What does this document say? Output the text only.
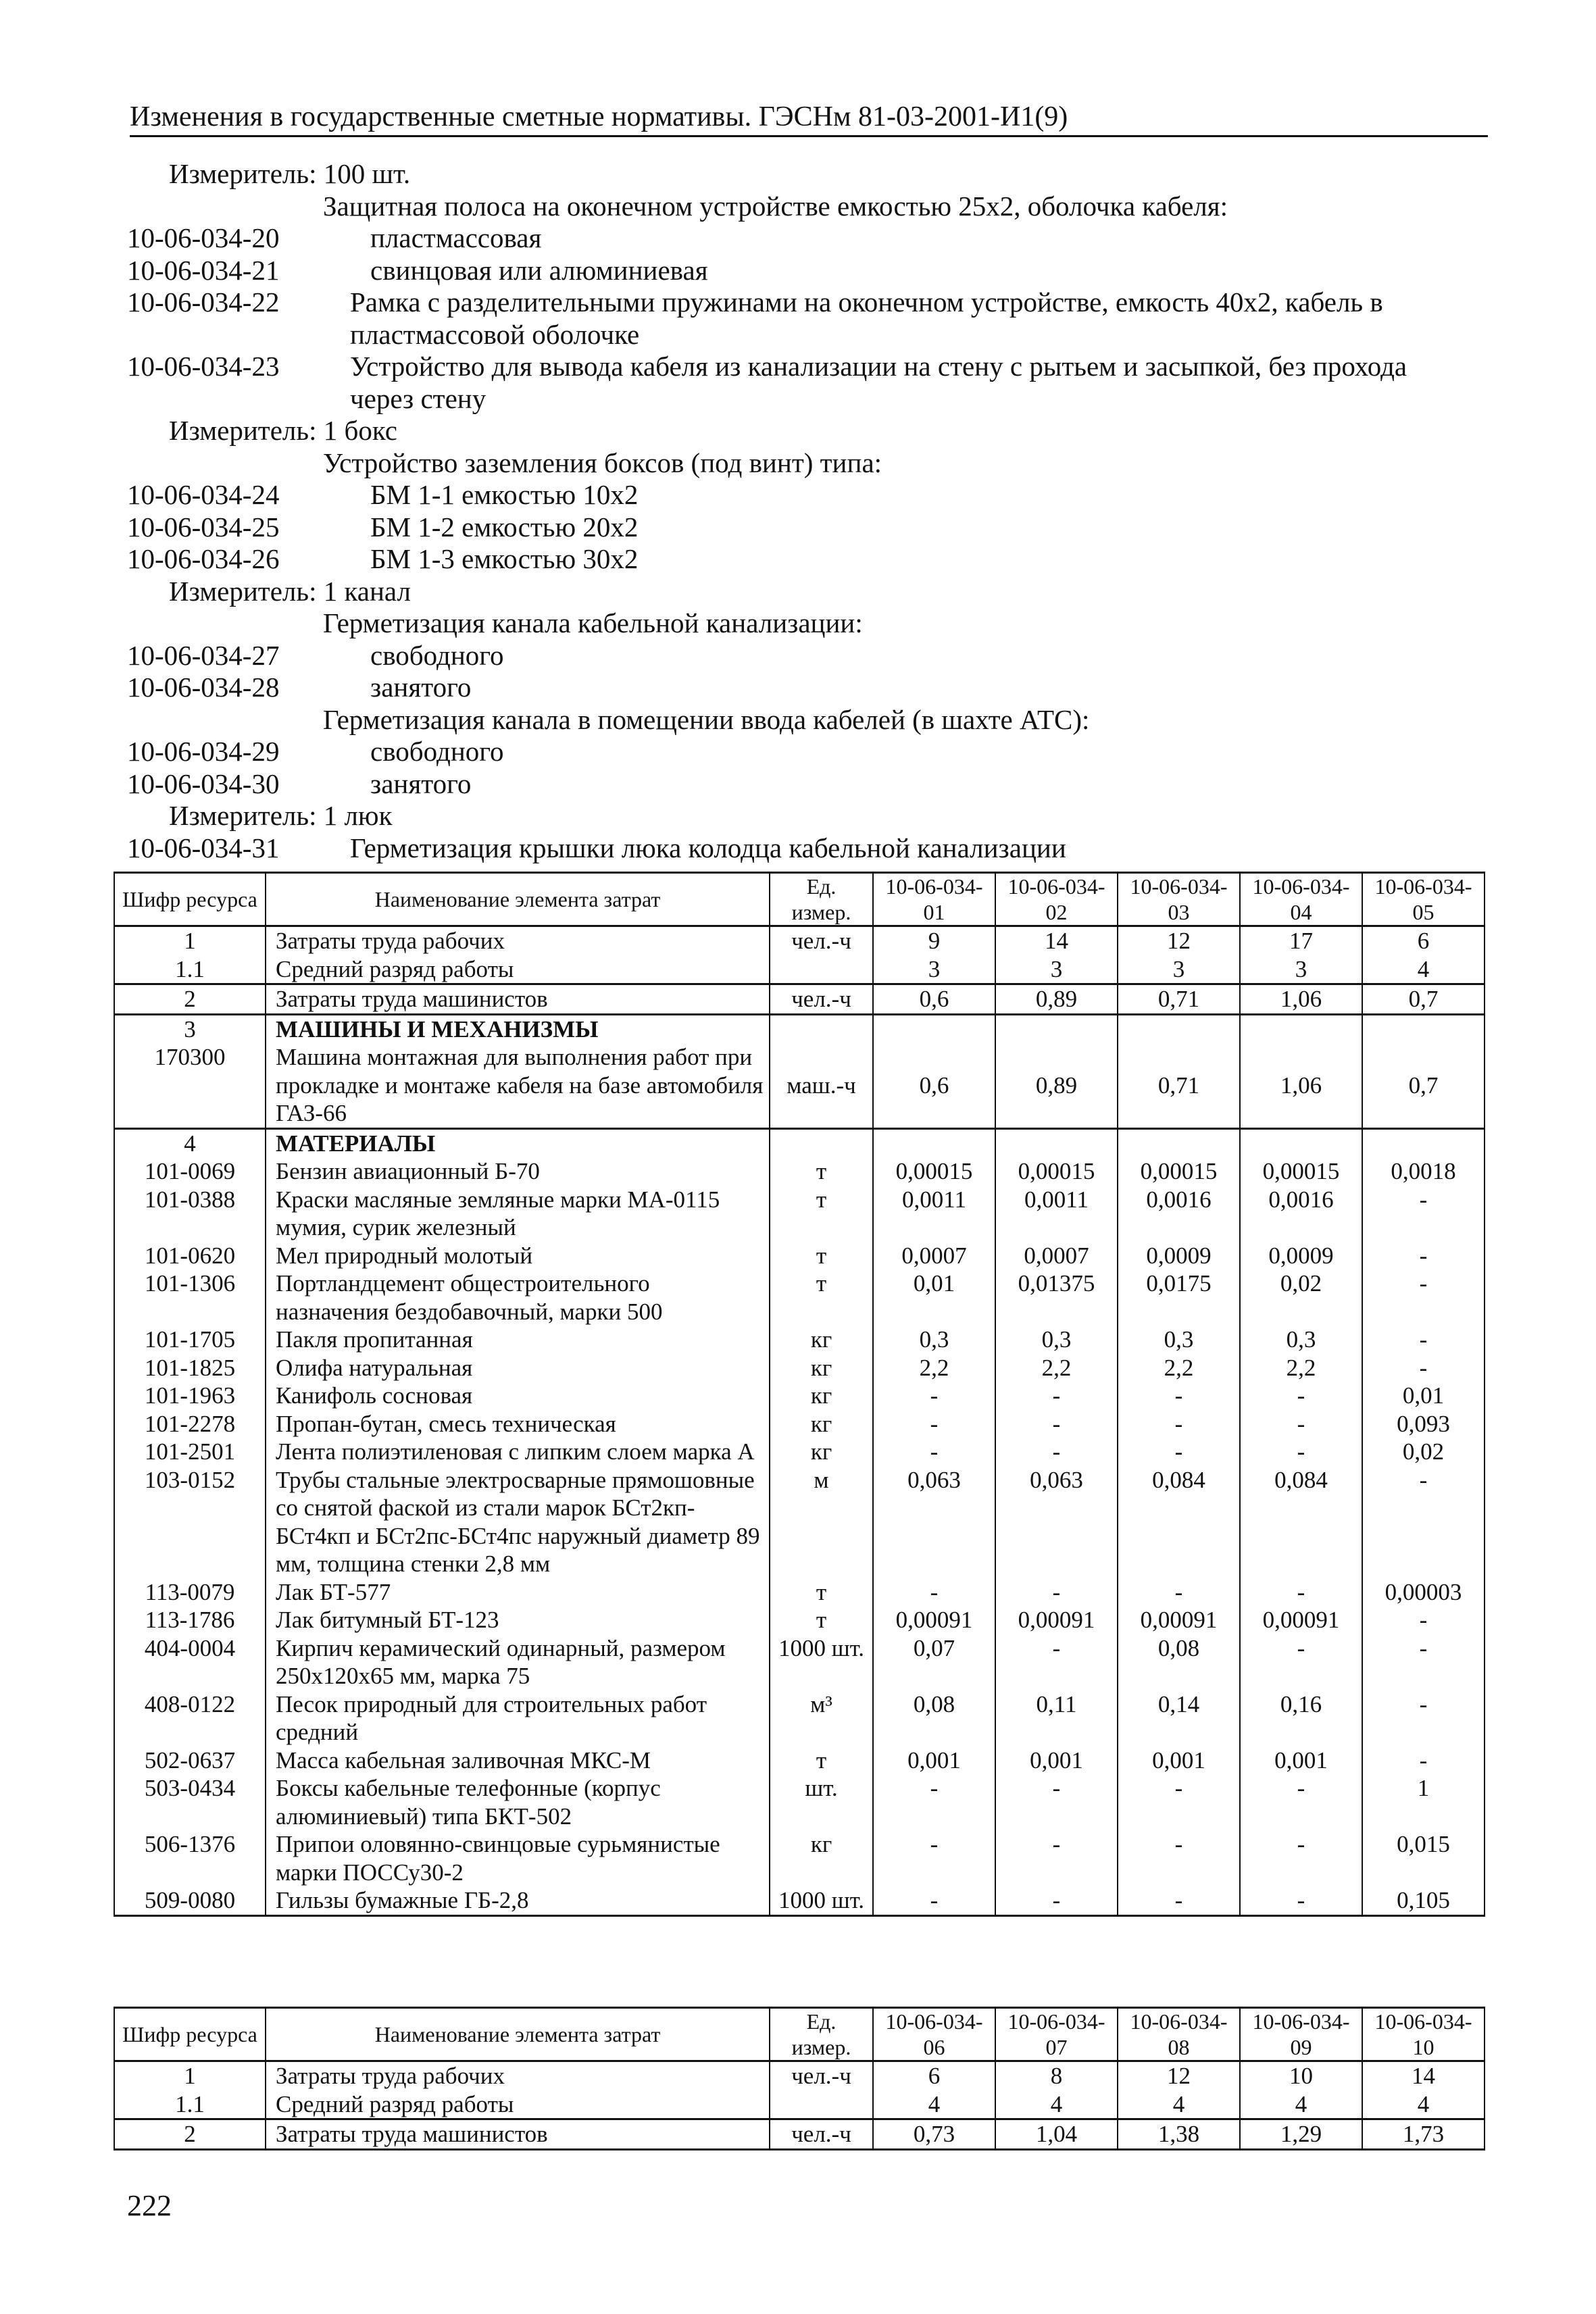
Изменения в государственные сметные нормативы. ГЭСНм 81-03-2001-И1(9)
Измеритель: 100 шт.
Защитная полоса на оконечном устройстве емкостью 25х2, оболочка кабеля:
10-06-034-20	пластмассовая
10-06-034-21	свинцовая или алюминиевая
10-06-034-22	Рамка с разделительными пружинами на оконечном устройстве, емкость 40х2, кабель в
пластмассовой оболочке
10-06-034-23	Устройство для вывода кабеля из канализации на стену с рытьем и засыпкой, без прохода
через стену
Измеритель: 1 бокс
Устройство заземления боксов (под винт) типа:
10-06-034-24	БМ 1-1 емкостью 10х2
10-06-034-25	БМ 1-2 емкостью 20х2
10-06-034-26	БМ 1-3 емкостью 30х2
Измеритель: 1 канал
Герметизация канала кабельной канализации:
10-06-034-27	свободного
10-06-034-28	занятого
Герметизация канала в помещении ввода кабелей (в шахте АТС):
10-06-034-29	свободного
10-06-034-30	занятого
Измеритель: 1 люк
10-06-034-31	Герметизация крышки люка колодца кабельной канализации
Шифр ресурса	Наименование элемента затрат	Ед. измер.	10-06-034-01	10-06-034-02	10-06-034-03	10-06-034-04	10-06-034-05
1	Затраты труда рабочих	чел.-ч	9	14	12	17	6
1.1	Средний разряд работы		3	3	3	3	4
2	Затраты труда машинистов	чел.-ч	0,6	0,89	0,71	1,06	0,7
3	МАШИНЫ И МЕХАНИЗМЫ						
170300	Машина монтажная для выполнения работ при прокладке и монтаже кабеля на базе автомобиля ГАЗ-66	маш.-ч	0,6	0,89	0,71	1,06	0,7
4	МАТЕРИАЛЫ						
101-0069	Бензин авиационный Б-70	т	0,00015	0,00015	0,00015	0,00015	0,0018
101-0388	Краски масляные земляные марки МА-0115 мумия, сурик железный	т	0,0011	0,0011	0,0016	0,0016	-
101-0620	Мел природный молотый	т	0,0007	0,0007	0,0009	0,0009	-
101-1306	Портландцемент общестроительного назначения бездобавочный, марки 500	т	0,01	0,01375	0,0175	0,02	-
101-1705	Пакля пропитанная	кг	0,3	0,3	0,3	0,3	-
101-1825	Олифа натуральная	кг	2,2	2,2	2,2	2,2	-
101-1963	Канифоль сосновая	кг	-	-	-	-	0,01
101-2278	Пропан-бутан, смесь техническая	кг	-	-	-	-	0,093
101-2501	Лента полиэтиленовая с липким слоем марка А	кг	-	-	-	-	0,02
103-0152	Трубы стальные электросварные прямошовные со снятой фаской из стали марок БСт2кп-БСт4кп и БСт2пс-БСт4пс наружный диаметр 89 мм, толщина стенки 2,8 мм	м	0,063	0,063	0,084	0,084	-
113-0079	Лак БТ-577	т	-	-	-	-	0,00003
113-1786	Лак битумный БТ-123	т	0,00091	0,00091	0,00091	0,00091	-
404-0004	Кирпич керамический одинарный, размером 250х120х65 мм, марка 75	1000 шт.	0,07	-	0,08	-	-
408-0122	Песок природный для строительных работ средний	м³	0,08	0,11	0,14	0,16	-
502-0637	Масса кабельная заливочная МКС-М	т	0,001	0,001	0,001	0,001	-
503-0434	Боксы кабельные телефонные (корпус алюминиевый) типа БКТ-502	шт.	-	-	-	-	1
506-1376	Припои оловянно-свинцовые сурьмянистые марки ПОССу30-2	кг	-	-	-	-	0,015
509-0080	Гильзы бумажные ГБ-2,8	1000 шт.	-	-	-	-	0,105
Шифр ресурса	Наименование элемента затрат	Ед. измер.	10-06-034-06	10-06-034-07	10-06-034-08	10-06-034-09	10-06-034-10
1	Затраты труда рабочих	чел.-ч	6	8	12	10	14
1.1	Средний разряд работы		4	4	4	4	4
2	Затраты труда машинистов	чел.-ч	0,73	1,04	1,38	1,29	1,73
222
